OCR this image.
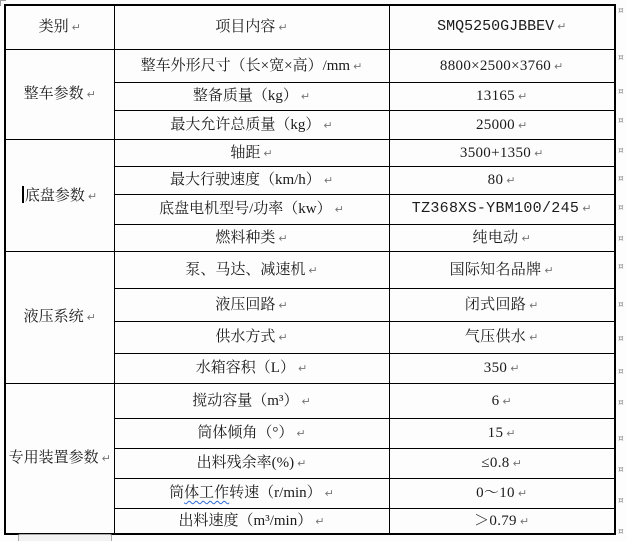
类别 ↵	项目内容 ↵	SMQ5250GJBBEV ↵
整车参数 ↵	整车外形尺寸（长×宽×高）/mm ↵	8800×2500×3760 ↵
	整备质量（kg） ↵	13165 ↵
	最大允许总质量（kg） ↵	25000 ↵
底盘参数 ↵	轴距 ↵	3500+1350 ↵
	最大行驶速度（km/h） ↵	80 ↵
	底盘电机型号/功率（kw） ↵	TZ368XS-YBM100/245 ↵
	燃料种类 ↵	纯电动 ↵
液压系统 ↵	泵、马达、减速机 ↵	国际知名品牌 ↵
	液压回路 ↵	闭式回路 ↵
	供水方式 ↵	气压供水 ↵
	水箱容积（L） ↵	350 ↵
专用装置参数 ↵	搅动容量（m³） ↵	6 ↵
	筒体倾角（°） ↵	15 ↵
	出料残余率(%) ↵	≤0.8 ↵
	筒体工作转速（r/min） ↵	0～10 ↵
	出料速度（m³/min） ↵	＞0.79 ↵
¤
¤
¤
¤
¤
¤
¤
¤
¤
¤
¤
¤
¤
¤
¤
¤
¤
